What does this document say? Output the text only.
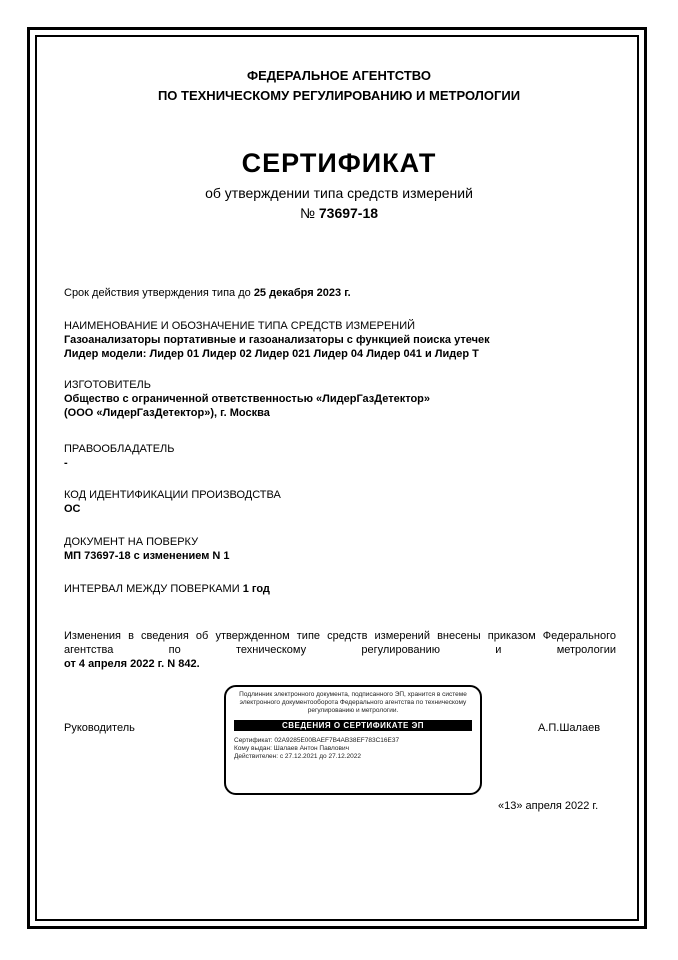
ФЕДЕРАЛЬНОЕ АГЕНТСТВО
ПО ТЕХНИЧЕСКОМУ РЕГУЛИРОВАНИЮ И МЕТРОЛОГИИ
СЕРТИФИКАТ
об утверждении типа средств измерений
№ 73697-18
Срок действия утверждения типа до 25 декабря 2023 г.
НАИМЕНОВАНИЕ И ОБОЗНАЧЕНИЕ ТИПА СРЕДСТВ ИЗМЕРЕНИЙ
Газоанализаторы портативные и газоанализаторы с функцией поиска утечек
Лидер модели: Лидер 01 Лидер 02 Лидер 021 Лидер 04 Лидер 041 и Лидер Т
ИЗГОТОВИТЕЛЬ
Общество с ограниченной ответственностью «ЛидерГазДетектор»
(ООО «ЛидерГазДетектор»), г. Москва
ПРАВООБЛАДАТЕЛЬ
-
КОД ИДЕНТИФИКАЦИИ ПРОИЗВОДСТВА
ОС
ДОКУМЕНТ НА ПОВЕРКУ
МП 73697-18 с изменением N 1
ИНТЕРВАЛ МЕЖДУ ПОВЕРКАМИ 1 год
Изменения в сведения об утвержденном типе средств измерений внесены приказом Федерального агентства по техническому регулированию и метрологии
от 4 апреля 2022 г. N 842.
Руководитель
Подлинник электронного документа, подписанного ЭП, хранится в системе электронного документооборота Федерального агентства по техническому регулированию и метрологии.
СВЕДЕНИЯ О СЕРТИФИКАТЕ ЭП
Сертификат: 02A9285E00BAEF7B4AB38EF783C16E37
Кому выдан: Шалаев Антон Павлович
Действителен: с 27.12.2021 до 27.12.2022
А.П.Шалаев
«13» апреля 2022 г.
